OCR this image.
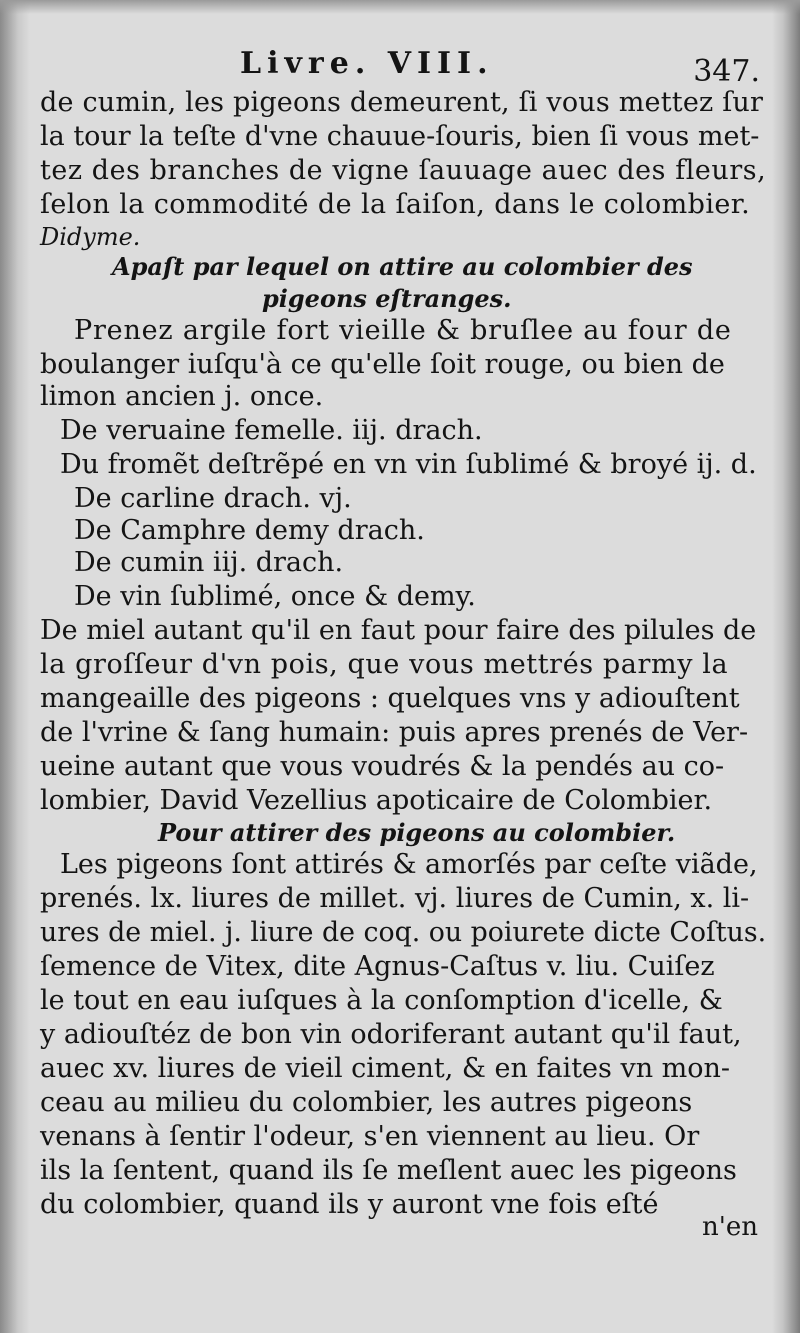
Livre. VIII.	347.
de cumin, les pigeons demeurent, ſi vous mettez ſur
la tour la teſte d'vne chauue-ſouris, bien ſi vous met-
tez des branches de vigne ſauuage auec des fleurs,
ſelon la commodité de la ſaiſon, dans le colombier.
Didyme.
Apaſt par lequel on attire au colombier des
pigeons eſtranges.
Prenez argile fort vieille & bruſlee au four de
boulanger iuſqu'à ce qu'elle ſoit rouge, ou bien de
limon ancien j. once.
De veruaine femelle. iij. drach.
Du fromẽt deſtrẽpé en vn vin ſublimé & broyé ij. d.
De carline drach. vj.
De Camphre demy drach.
De cumin iij. drach.
De vin ſublimé, once & demy.
De miel autant qu'il en faut pour faire des pilules de
la groſſeur d'vn pois, que vous mettrés parmy la
mangeaille des pigeons : quelques vns y adiouſtent
de l'vrine & ſang humain: puis apres prenés de Ver-
ueine autant que vous voudrés & la pendés au co-
lombier, David Vezellius apoticaire de Colombier.
Pour attirer des pigeons au colombier.
Les pigeons ſont attirés & amorſés par ceſte viãde,
prenés. lx. liures de millet. vj. liures de Cumin, x. li-
ures de miel. j. liure de coq. ou poiurete dicte Coſtus.
ſemence de Vitex, dite Agnus-Caſtus v. liu. Cuiſez
le tout en eau iuſques à la conſomption d'icelle, &
y adiouſtéz de bon vin odoriferant autant qu'il faut,
auec xv. liures de vieil ciment, & en faites vn mon-
ceau au milieu du colombier, les autres pigeons
venans à ſentir l'odeur, s'en viennent au lieu. Or
ils la ſentent, quand ils ſe meſlent auec les pigeons
du colombier, quand ils y auront vne fois eſté
n'en
